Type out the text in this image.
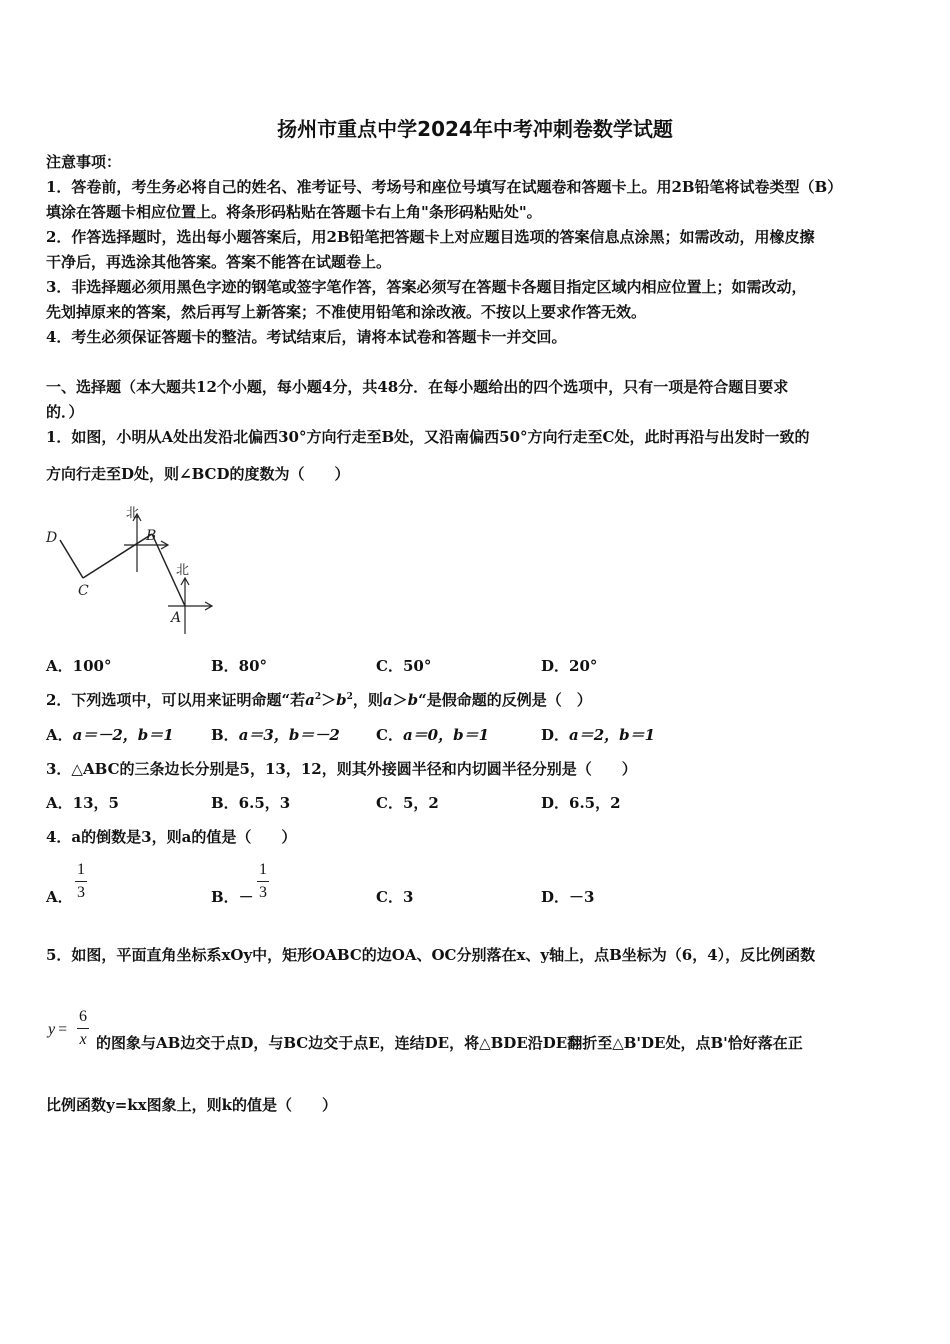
扬州市重点中学2024年中考冲刺卷数学试题
注意事项：
1．答卷前，考生务必将自己的姓名、准考证号、考场号和座位号填写在试题卷和答题卡上。用2B铅笔将试卷类型（B）
填涂在答题卡相应位置上。将条形码粘贴在答题卡右上角"条形码粘贴处"。
2．作答选择题时，选出每小题答案后，用2B铅笔把答题卡上对应题目选项的答案信息点涂黑；如需改动，用橡皮擦
干净后，再选涂其他答案。答案不能答在试题卷上。
3．非选择题必须用黑色字迹的钢笔或签字笔作答，答案必须写在答题卡各题目指定区域内相应位置上；如需改动，
先划掉原来的答案，然后再写上新答案；不准使用铅笔和涂改液。不按以上要求作答无效。
4．考生必须保证答题卡的整洁。考试结束后，请将本试卷和答题卡一并交回。
一、选择题（本大题共12个小题，每小题4分，共48分．在每小题给出的四个选项中，只有一项是符合题目要求
的．）
1．如图，小明从A处出发沿北偏西30°方向行走至B处，又沿南偏西50°方向行走至C处，此时再沿与出发时一致的
方向行走至D处，则∠BCD的度数为（　　）
北
北
D	B
C
A
A．100°	B．80°	C．50°	D．20°
2．下列选项中，可以用来证明命题“若$a^2>b^2$，则a＞b“是假命题的反例是（　）
A．a＝－2，b＝1 B．a＝3，b＝－2 C．a＝0，b＝1	D．a＝2，b＝1
3．△ABC的三条边长分别是5，13，12，则其外接圆半径和内切圆半径分别是（　　）
A．13，5	B．6.5，3	C．5，2	D．6.5，2
4．a的倒数是3，则a的值是（　　）
A．
1
3	B．－
1
3	C．3	D．－3
5．如图，平面直角坐标系xOy中，矩形OABC的边OA、OC分别落在x、y轴上，点B坐标为（6，4），反比例函数
y =
6
x 的图象与AB边交于点D，与BC边交于点E，连结DE，将△BDE沿DE翻折至△B'DE处，点B'恰好落在正
比例函数y=kx图象上，则k的值是（　　）
